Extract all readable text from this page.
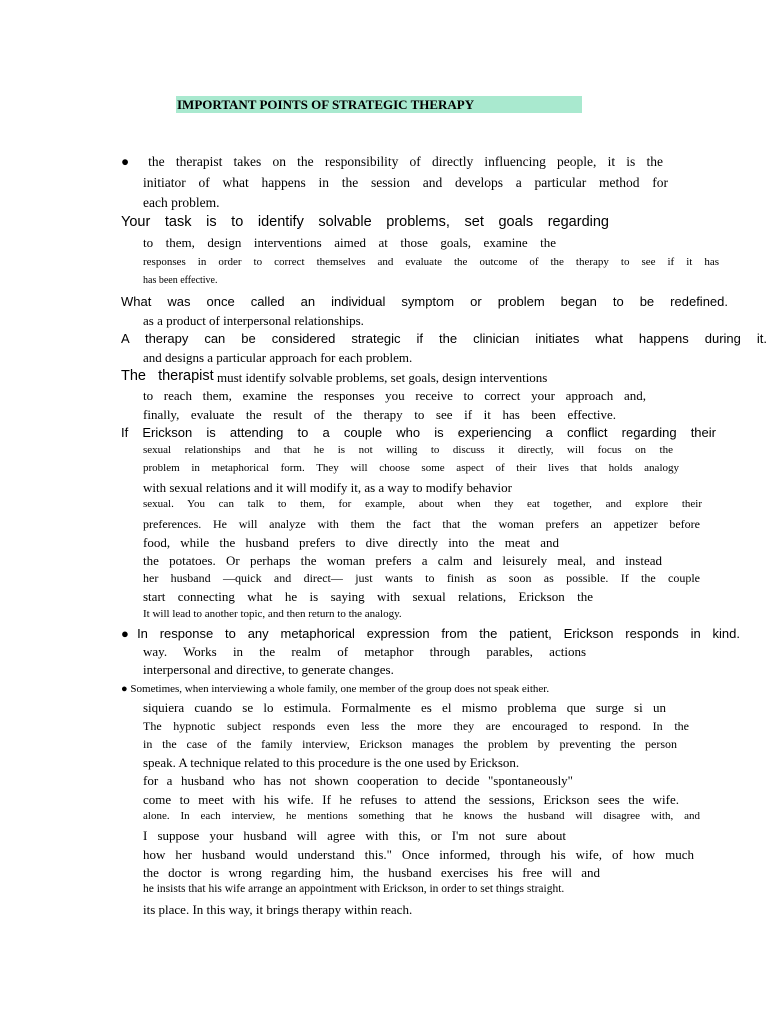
IMPORTANT POINTS OF STRATEGIC THERAPY
● the therapist takes on the responsibility of directly influencing people, it is the
initiator of what happens in the session and develops a particular method for
each problem.
Your task is to identify solvable problems, set goals regarding
to them, design interventions aimed at those goals, examine the
responses in order to correct themselves and evaluate the outcome of the therapy to see if it has
has been effective.
What was once called an individual symptom or problem began to be redefined.
as a product of interpersonal relationships.
A therapy can be considered strategic if the clinician initiates what happens during it.
and designs a particular approach for each problem.
The   therapist must identify solvable problems, set goals, design interventions
to reach them, examine the responses you receive to correct your approach and,
finally, evaluate the result of the therapy to see if it has been effective.
If Erickson is attending to a couple who is experiencing a conflict regarding their
sexual relationships and that he is not willing to discuss it directly, will focus on the
problem in metaphorical form. They will choose some aspect of their lives that holds analogy
with sexual relations and it will modify it, as a way to modify behavior
sexual. You can talk to them, for example, about when they eat together, and explore their
preferences. He will analyze with them the fact that the woman prefers an appetizer before
food, while the husband prefers to dive directly into the meat and
the potatoes. Or perhaps the woman prefers a calm and leisurely meal, and instead
her husband —quick and direct— just wants to finish as soon as possible. If the couple
start connecting what he is saying with sexual relations, Erickson the
It will lead to another topic, and then return to the analogy.
●In response to any metaphorical expression from the patient, Erickson responds in kind.
way. Works in the realm of metaphor through parables, actions
interpersonal and directive, to generate changes.
● Sometimes, when interviewing a whole family, one member of the group does not speak either.
siquiera cuando se lo estimula. Formalmente es el mismo problema que surge si un
The hypnotic subject responds even less the more they are encouraged to respond. In the
in the case of the family interview, Erickson manages the problem by preventing the person
speak. A technique related to this procedure is the one used by Erickson.
for a husband who has not shown cooperation to decide "spontaneously"
come to meet with his wife. If he refuses to attend the sessions, Erickson sees the wife.
alone. In each interview, he mentions something that he knows the husband will disagree with, and
I suppose your husband will agree with this, or I'm not sure about
how her husband would understand this." Once informed, through his wife, of how much
the doctor is wrong regarding him, the husband exercises his free will and
he insists that his wife arrange an appointment with Erickson, in order to set things straight.
its place. In this way, it brings therapy within reach.
